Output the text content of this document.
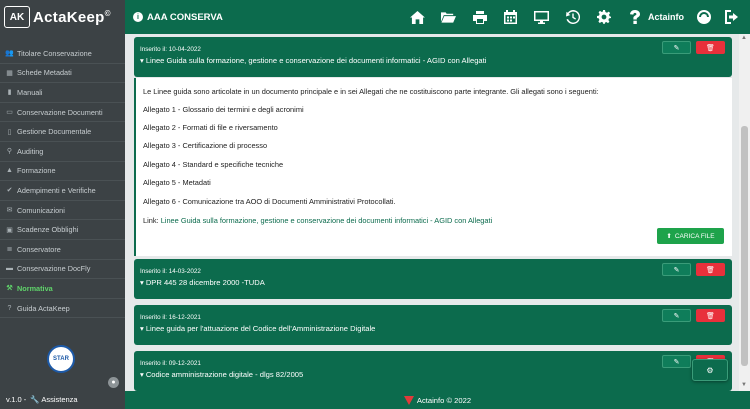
AK ActaKeep©
👥 Titolare Conservazione
▦ Schede Metadati
▮ Manuali
▭ Conservazione Documenti
▯ Gestione Documentale
⚲ Auditing
▲ Formazione
✔ Adempimenti e Verifiche
✉ Comunicazioni
▣ Scadenze Obblighi
≣ Conservatore
▬ Conservazione DocFly
⚒ Normativa
? Guida ActaKeep
STAR
●
v.1.0 - 🔧 Assistenza
i AAA CONSERVA	Actainfo
Inserito il: 10-04-2022
▾ Linee Guida sulla formazione, gestione e conservazione dei documenti informatici - AGID con Allegati
✎	🗑

Le Linee guida sono articolate in un documento principale e in sei Allegati che ne costituiscono parte integrante. Gli allegati sono i seguenti:

Allegato 1 - Glossario dei termini e degli acronimi

Allegato 2 - Formati di file e riversamento

Allegato 3 - Certificazione di processo

Allegato 4 - Standard e specifiche tecniche

Allegato 5 - Metadati

Allegato 6 - Comunicazione tra AOO di Documenti Amministrativi Protocollati.

Link: Linee Guida sulla formazione, gestione e conservazione dei documenti informatici - AGID con Allegati
⬆ CARICA FILE
Inserito il: 14-03-2022
▾ DPR 445 28 dicembre 2000 -TUDA
✎	🗑
Inserito il: 16-12-2021
▾ Linee guida per l'attuazione del Codice dell'Amministrazione Digitale
✎	🗑
Inserito il: 09-12-2021
▾ Codice amministrazione digitale - dlgs 82/2005
✎
▲
▼
⚙
Actainfo © 2022
